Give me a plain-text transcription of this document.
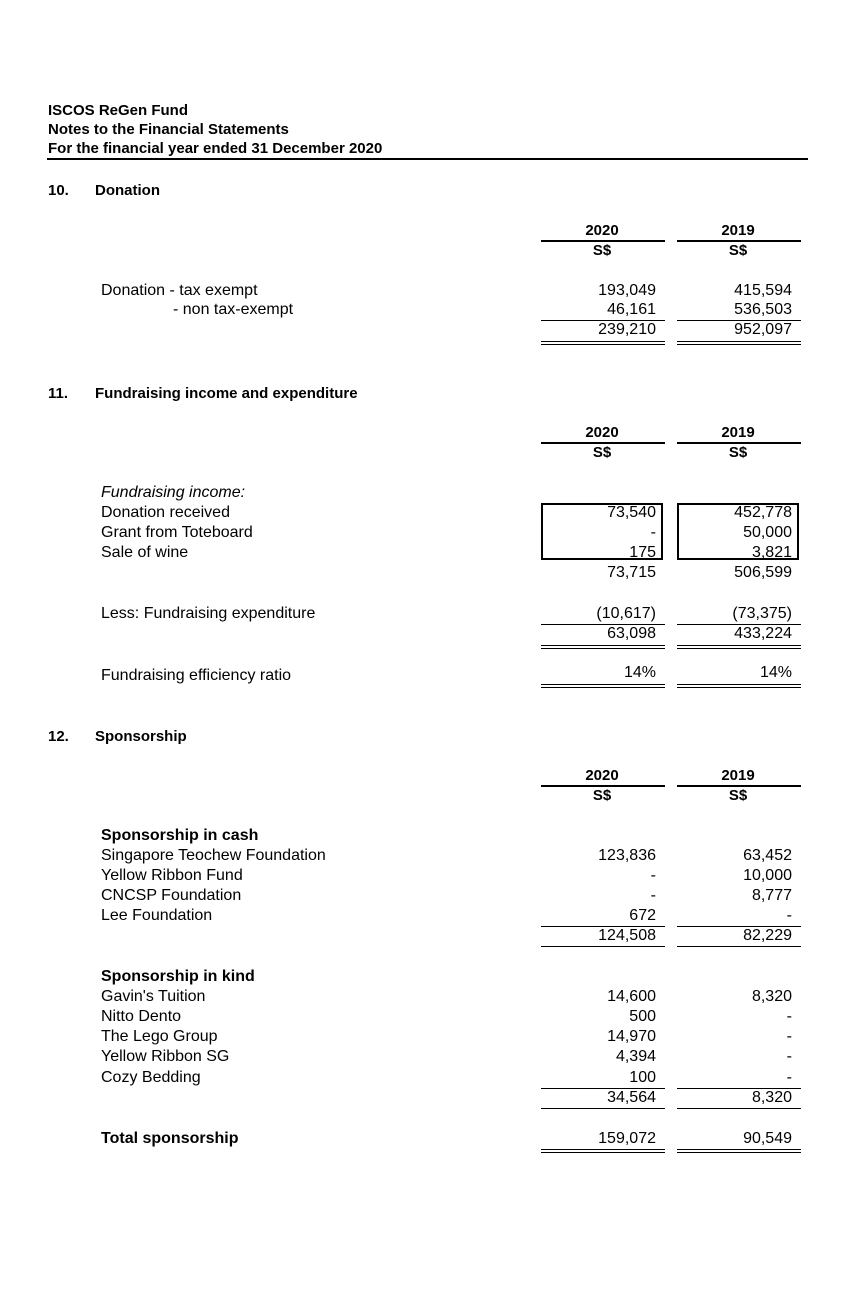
ISCOS ReGen Fund
Notes to the Financial Statements
For the financial year ended 31 December 2020
10. Donation
2020	2019
S$	S$
Donation - tax exempt	193,049	415,594
- non tax-exempt	46,161	536,503
239,210	952,097
11. Fundraising income and expenditure
2020	2019
S$	S$
Fundraising income:
Donation received	73,540	452,778
Grant from Toteboard	-	50,000
Sale of wine	175	3,821
73,715	506,599
Less: Fundraising expenditure	(10,617)	(73,375)
63,098	433,224
Fundraising efficiency ratio	14%	14%
12. Sponsorship
2020	2019
S$	S$
Sponsorship in cash
Singapore Teochew Foundation	123,836	63,452
Yellow Ribbon Fund	-	10,000
CNCSP Foundation	-	8,777
Lee Foundation	672	-
124,508	82,229
Sponsorship in kind
Gavin's Tuition	14,600	8,320
Nitto Dento	500	-
The Lego Group	14,970	-
Yellow Ribbon SG	4,394	-
Cozy Bedding	100	-
34,564	8,320
Total sponsorship	159,072	90,549
